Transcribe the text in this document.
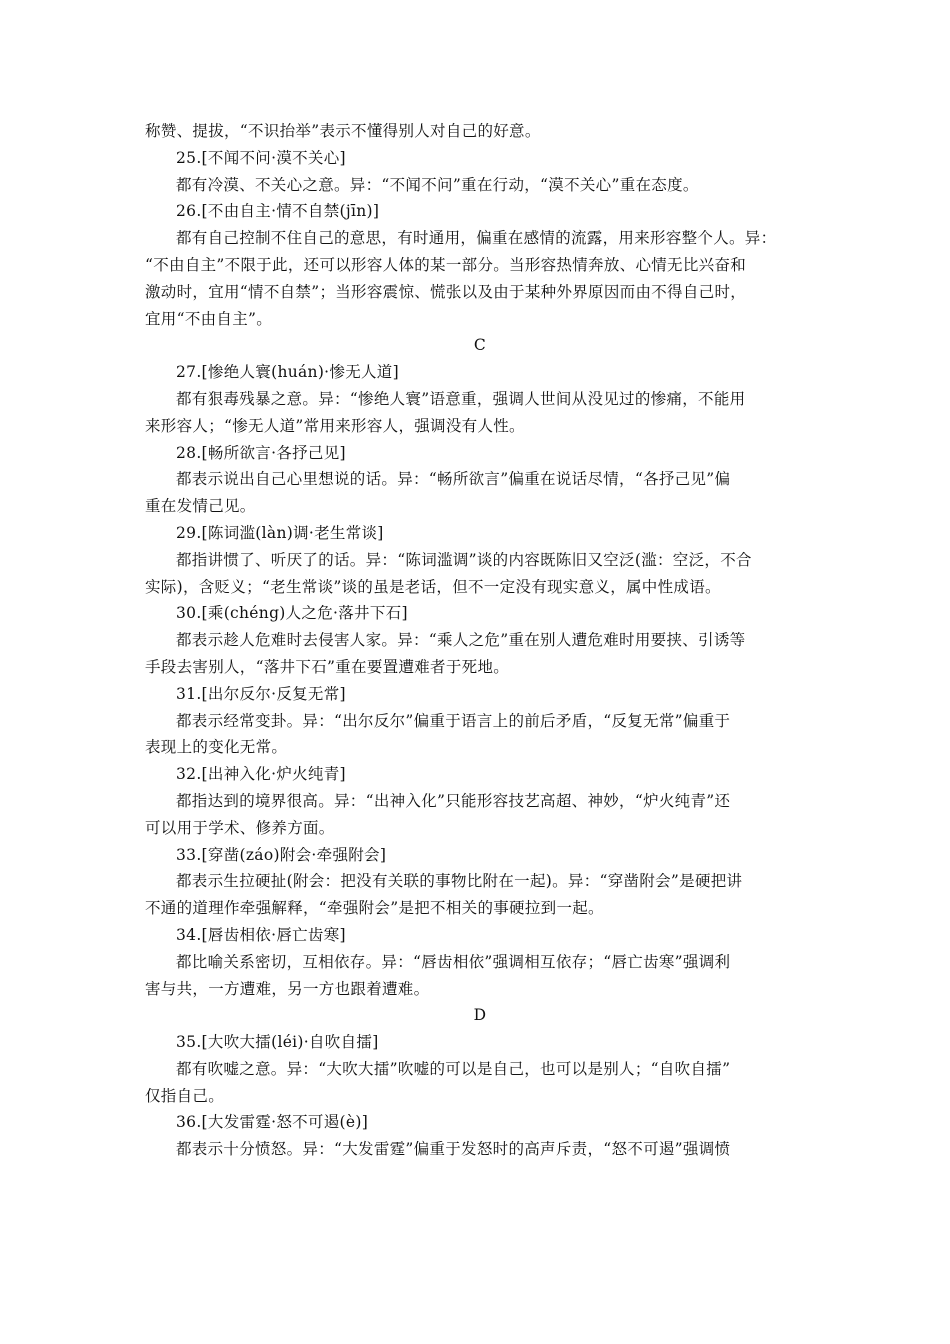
称赞、提拔，“不识抬举”表示不懂得别人对自己的好意。
25.[不闻不问·漠不关心]
都有冷漠、不关心之意。异：“不闻不问”重在行动，“漠不关心”重在态度。
26.[不由自主·情不自禁(jīn)]
都有自己控制不住自己的意思，有时通用，偏重在感情的流露，用来形容整个人。异：
“不由自主”不限于此，还可以形容人体的某一部分。当形容热情奔放、心情无比兴奋和
激动时，宜用“情不自禁”；当形容震惊、慌张以及由于某种外界原因而由不得自己时，
宜用“不由自主”。
C
27.[惨绝人寰(huán)·惨无人道]
都有狠毒残暴之意。异：“惨绝人寰”语意重，强调人世间从没见过的惨痛，不能用
来形容人；“惨无人道”常用来形容人，强调没有人性。
28.[畅所欲言·各抒己见]
都表示说出自己心里想说的话。异：“畅所欲言”偏重在说话尽情，“各抒己见”偏
重在发情己见。
29.[陈词滥(làn)调·老生常谈]
都指讲惯了、听厌了的话。异：“陈词滥调”谈的内容既陈旧又空泛(滥：空泛，不合
实际)，含贬义；“老生常谈”谈的虽是老话，但不一定没有现实意义，属中性成语。
30.[乘(chéng)人之危·落井下石]
都表示趁人危难时去侵害人家。异：“乘人之危”重在别人遭危难时用要挟、引诱等
手段去害别人，“落井下石”重在要置遭难者于死地。
31.[出尔反尔·反复无常]
都表示经常变卦。异：“出尔反尔”偏重于语言上的前后矛盾，“反复无常”偏重于
表现上的变化无常。
32.[出神入化·炉火纯青]
都指达到的境界很高。异：“出神入化”只能形容技艺高超、神妙，“炉火纯青”还
可以用于学术、修养方面。
33.[穿凿(záo)附会·牵强附会]
都表示生拉硬扯(附会：把没有关联的事物比附在一起)。异：“穿凿附会”是硬把讲
不通的道理作牵强解释，“牵强附会”是把不相关的事硬拉到一起。
34.[唇齿相依·唇亡齿寒]
都比喻关系密切，互相依存。异：“唇齿相依”强调相互依存；“唇亡齿寒”强调利
害与共，一方遭难，另一方也跟着遭难。
D
35.[大吹大擂(léi)·自吹自擂]
都有吹嘘之意。异：“大吹大擂”吹嘘的可以是自己，也可以是别人；“自吹自擂”
仅指自己。
36.[大发雷霆·怒不可遏(è)]
都表示十分愤怒。异：“大发雷霆”偏重于发怒时的高声斥责，“怒不可遏”强调愤
